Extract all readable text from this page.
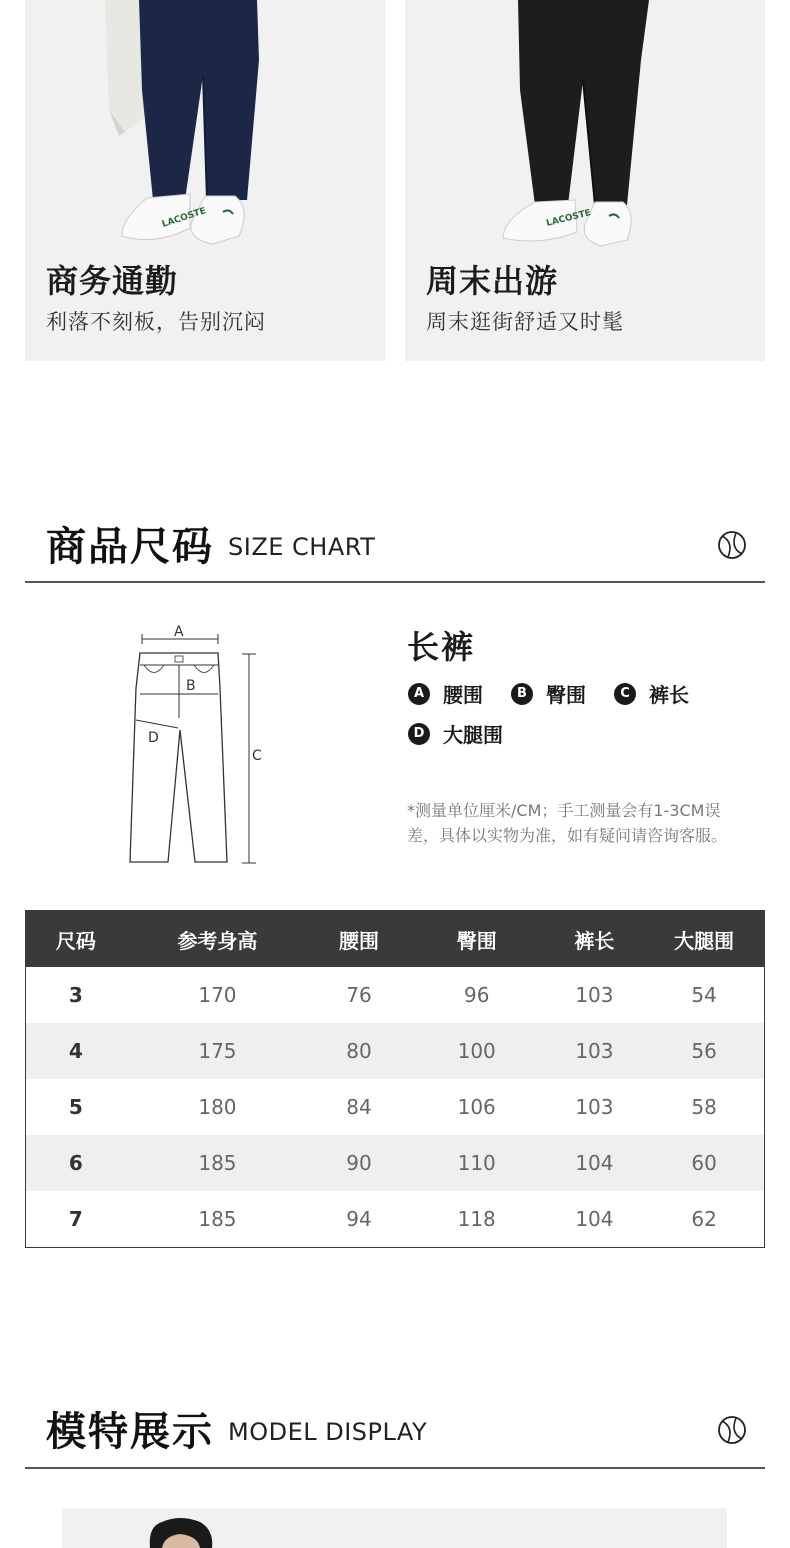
LACOSTE
商务通勤
利落不刻板，告别沉闷
LACOSTE
周末出游
周末逛街舒适又时髦
商品尺码 SIZE CHART
A
B
D
C
长裤
A 腰围	B 臀围	C 裤长
D 大腿围
*测量单位厘米/CM；手工测量会有1-3CM误差，具体以实物为准，如有疑问请咨询客服。
尺码	参考身高	腰围	臀围	裤长	大腿围
3	170	76	96	103	54
4	175	80	100	103	56
5	180	84	106	103	58
6	185	90	110	104	60
7	185	94	118	104	62
模特展示 MODEL DISPLAY
